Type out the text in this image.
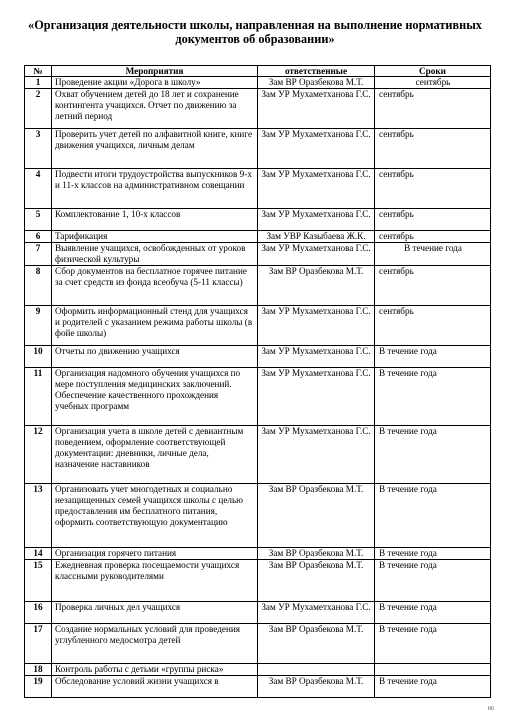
«Организация деятельности школы, направленная на выполнение нормативных документов об образовании»
№	Мероприятия	ответственные	Сроки
1	Проведение акции «Дорога в школу»	Зам ВР Оразбекова М.Т.	сентябрь
2	Охват обучением детей до 18 лет и сохранение контингента учащихся. Отчет по движению за летний период	Зам УР Мухаметханова Г.С.	сентябрь
3	Проверить учет детей по алфавитной книге, книге движения учащихся, личным делам	Зам УР Мухаметханова Г.С.	сентябрь
4	Подвести итоги трудоустройства выпускников 9-х и 11-х классов на административном совещании	Зам УР Мухаметханова Г.С.	сентябрь
5	Комплектование 1, 10-х классов	Зам УР Мухаметханова Г.С.	сентябрь
6	Тарификация	Зам УВР Казыбаева Ж.К.	сентябрь
7	Выявление учащихся, освобожденных от уроков физической культуры	Зам УР Мухаметханова Г.С.	В течение года
8	Сбор документов на бесплатное горячее питание за счет средств из фонда всеобуча (5-11 классы)	Зам ВР Оразбекова М.Т.	сентябрь
9	Оформить информационный стенд для учащихся и родителей с указанием режима работы школы (в фойе школы)	Зам УР Мухаметханова Г.С.	сентябрь
10	Отчеты по движению учащихся	Зам УР Мухаметханова Г.С.	В течение года
11	Организация надомного обучения учащихся по мере поступления медицинских заключений. Обеспечение качественного прохождения учебных программ	Зам УР Мухаметханова Г.С.	В течение года
12	Организация учета в школе детей с девиантным поведением, оформление соответствующей документации: дневники, личные дела, назначение наставников	Зам УР Мухаметханова Г.С.	В течение года
13	Организовать учет многодетных и социально незащищенных семей учащихся школы с целью предоставления им бесплатного питания, оформить соответствующую документацию	Зам ВР Оразбекова М.Т.	В течение года
14	Организация горячего питания	Зам ВР Оразбекова М.Т.	В течение года
15	Ежедневная проверка посещаемости учащихся классными руководителями	Зам ВР Оразбекова М.Т.	В течение года
16	Проверка личных дел учащихся	Зам УР Мухаметханова Г.С.	В течение года
17	Создание нормальных условий для проведения углубленного медосмотра детей	Зам ВР Оразбекова М.Т.	В течение года
18	Контроль работы с детьми «группы риска»		
19	Обследование условий жизни учащихся в	Зам ВР Оразбекова М.Т.	В течение года
66
